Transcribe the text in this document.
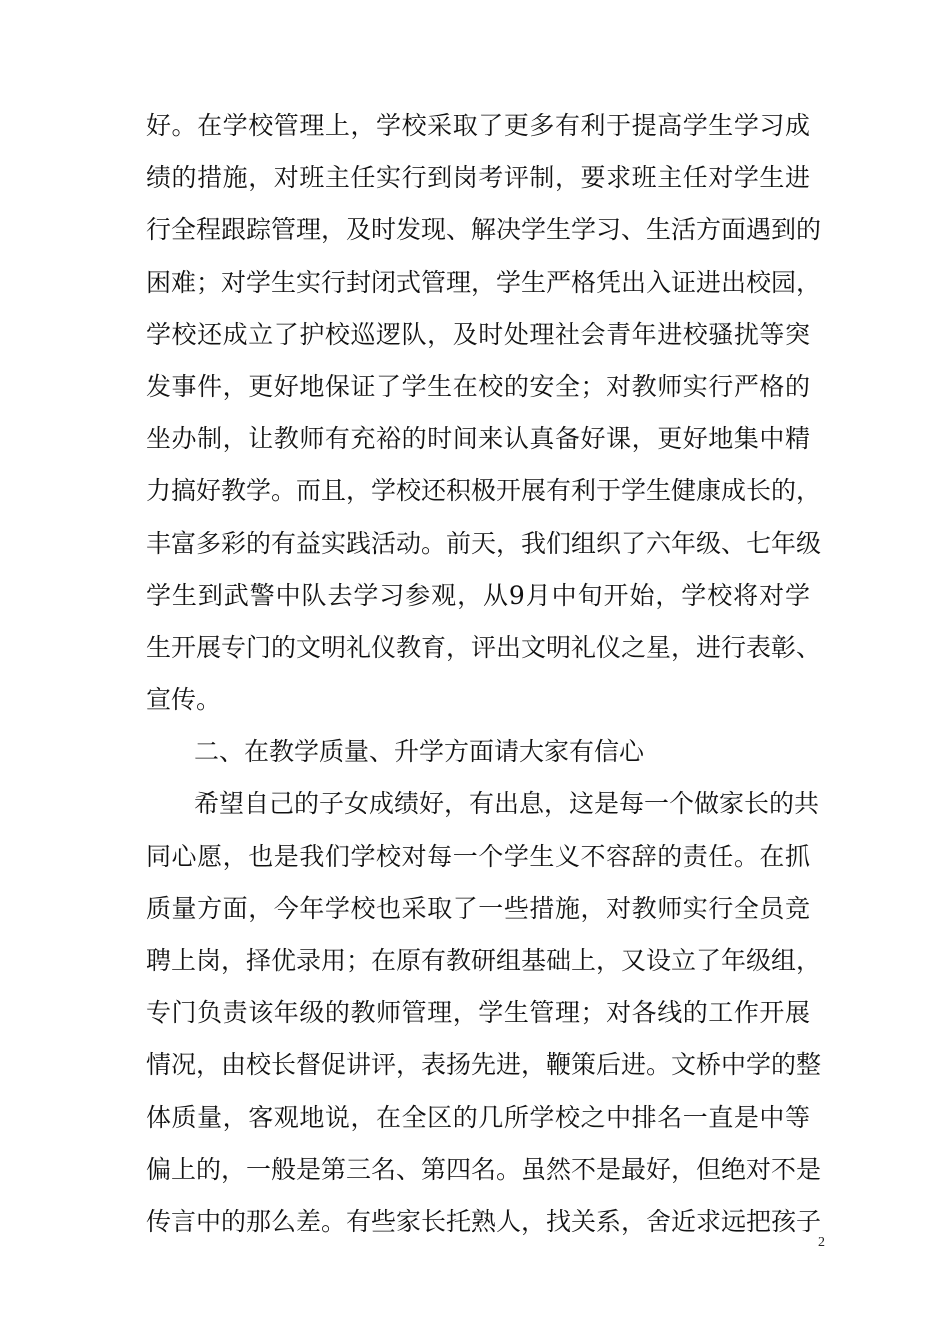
好。在学校管理上，学校采取了更多有利于提高学生学习成
绩的措施，对班主任实行到岗考评制，要求班主任对学生进
行全程跟踪管理，及时发现、解决学生学习、生活方面遇到的
困难；对学生实行封闭式管理，学生严格凭出入证进出校园，
学校还成立了护校巡逻队，及时处理社会青年进校骚扰等突
发事件，更好地保证了学生在校的安全；对教师实行严格的
坐办制，让教师有充裕的时间来认真备好课，更好地集中精
力搞好教学。而且，学校还积极开展有利于学生健康成长的，
丰富多彩的有益实践活动。前天，我们组织了六年级、七年级
学生到武警中队去学习参观，从9月中旬开始，学校将对学
生开展专门的文明礼仪教育，评出文明礼仪之星，进行表彰、
宣传。
二、在教学质量、升学方面请大家有信心
希望自己的子女成绩好，有出息，这是每一个做家长的共
同心愿，也是我们学校对每一个学生义不容辞的责任。在抓
质量方面，今年学校也采取了一些措施，对教师实行全员竞
聘上岗，择优录用；在原有教研组基础上，又设立了年级组，
专门负责该年级的教师管理，学生管理；对各线的工作开展
情况，由校长督促讲评，表扬先进，鞭策后进。文桥中学的整
体质量，客观地说，在全区的几所学校之中排名一直是中等
偏上的，一般是第三名、第四名。虽然不是最好，但绝对不是
传言中的那么差。有些家长托熟人，找关系，舍近求远把孩子
2
